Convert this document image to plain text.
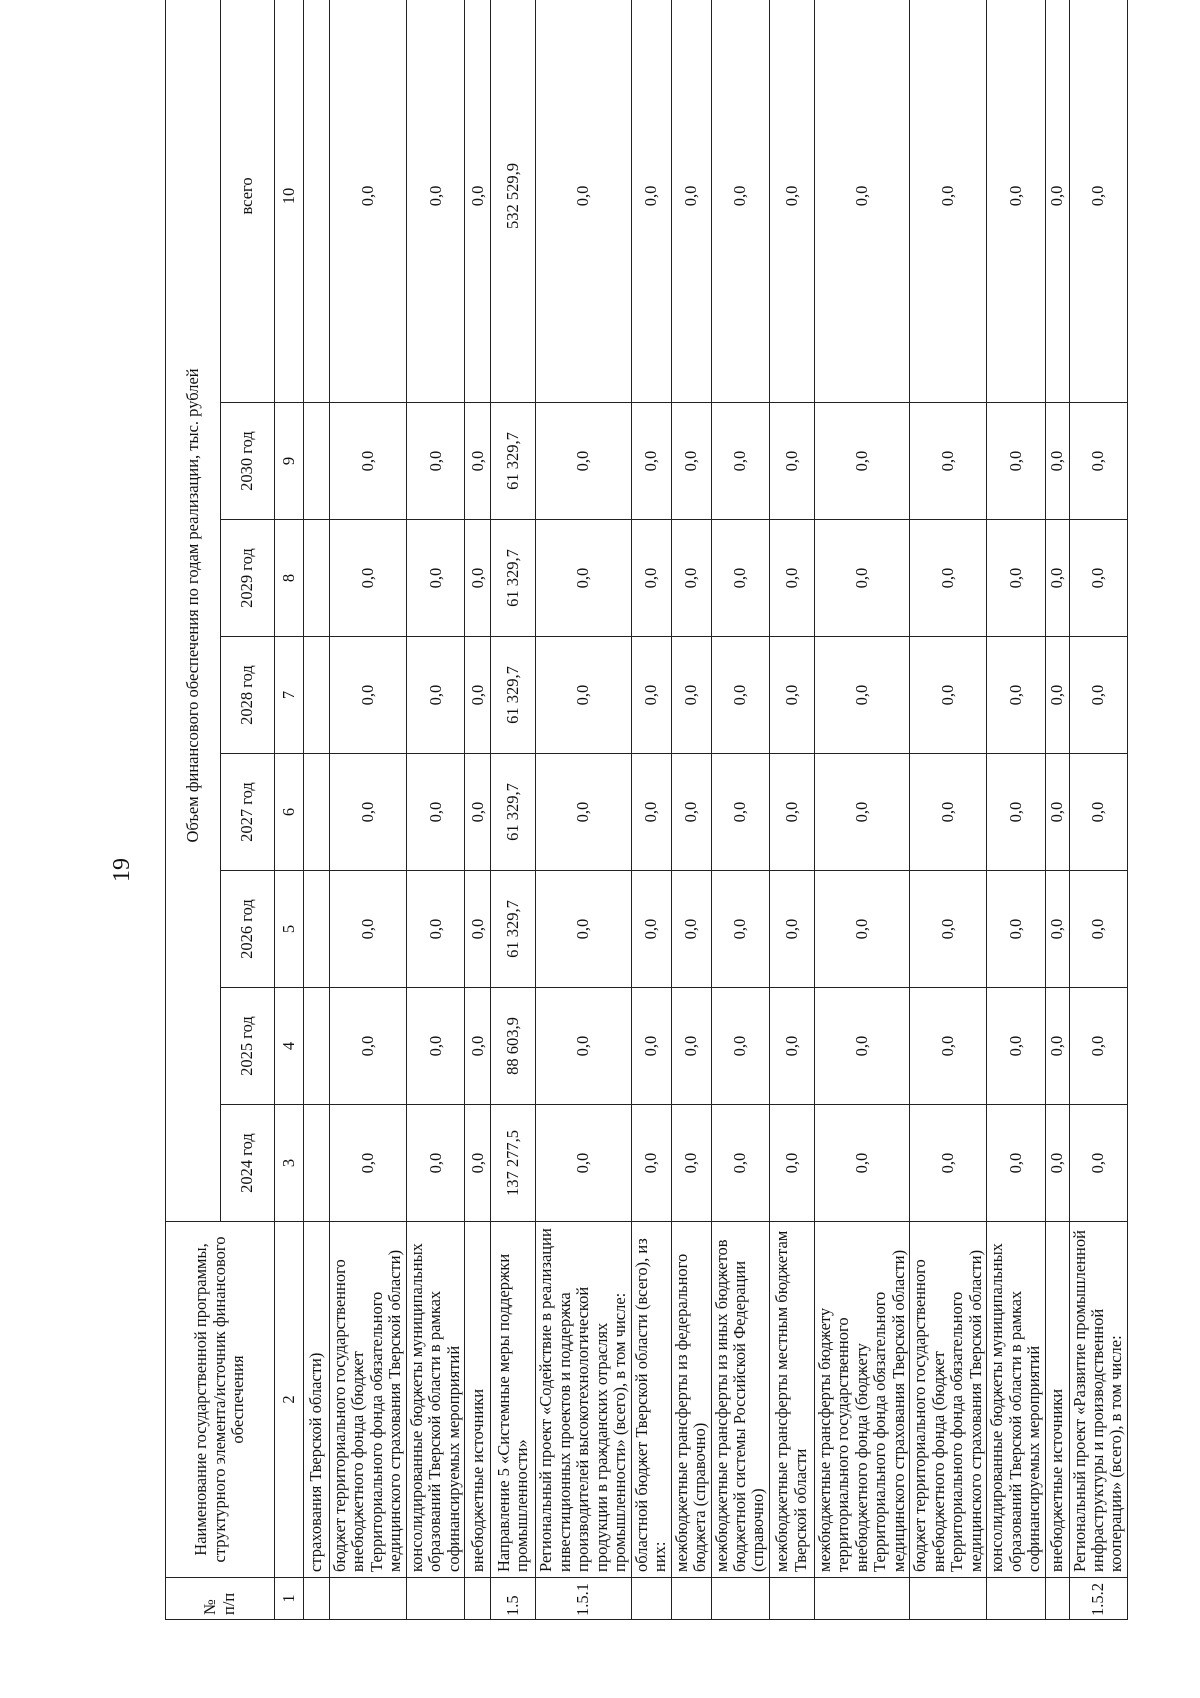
19
№ п/п	Наименование государственной программы, структурного элемента/источник финансового обеспечения	Объем финансового обеспечения по годам реализации, тыс. рублей							
		2024 год	2025 год	2026 год	2027 год	2028 год	2029 год	2030 год	всего
1	2	3	4	5	6	7	8	9	10
	страхования Тверской области)								
	бюджет территориального государственного внебюджетного фонда (бюджет Территориального фонда обязательного медицинского страхования Тверской области)	0,0	0,0	0,0	0,0	0,0	0,0	0,0	0,0
	консолидированные бюджеты муниципальных образований Тверской области в рамках софинансируемых мероприятий	0,0	0,0	0,0	0,0	0,0	0,0	0,0	0,0
	внебюджетные источники	0,0	0,0	0,0	0,0	0,0	0,0	0,0	0,0
1.5	Направление 5 «Системные меры поддержки промышленности»	137 277,5	88 603,9	61 329,7	61 329,7	61 329,7	61 329,7	61 329,7	532 529,9
1.5.1	Региональный проект «Содействие в реализации инвестиционных проектов и поддержка производителей высокотехнологической продукции в гражданских отраслях промышленности» (всего), в том числе:	0,0	0,0	0,0	0,0	0,0	0,0	0,0	0,0
	областной бюджет Тверской области (всего), из них:	0,0	0,0	0,0	0,0	0,0	0,0	0,0	0,0
	межбюджетные трансферты из федерального бюджета (справочно)	0,0	0,0	0,0	0,0	0,0	0,0	0,0	0,0
	межбюджетные трансферты из иных бюджетов бюджетной системы Российской Федерации (справочно)	0,0	0,0	0,0	0,0	0,0	0,0	0,0	0,0
	межбюджетные трансферты местным бюджетам Тверской области	0,0	0,0	0,0	0,0	0,0	0,0	0,0	0,0
	межбюджетные трансферты бюджету территориального государственного внебюджетного фонда (бюджету Территориального фонда обязательного медицинского страхования Тверской области)	0,0	0,0	0,0	0,0	0,0	0,0	0,0	0,0
	бюджет территориального государственного внебюджетного фонда (бюджет Территориального фонда обязательного медицинского страхования Тверской области)	0,0	0,0	0,0	0,0	0,0	0,0	0,0	0,0
	консолидированные бюджеты муниципальных образований Тверской области в рамках софинансируемых мероприятий	0,0	0,0	0,0	0,0	0,0	0,0	0,0	0,0
	внебюджетные источники	0,0	0,0	0,0	0,0	0,0	0,0	0,0	0,0
1.5.2	Региональный проект «Развитие промышленной инфраструктуры и производственной кооперации» (всего), в том числе:	0,0	0,0	0,0	0,0	0,0	0,0	0,0	0,0
